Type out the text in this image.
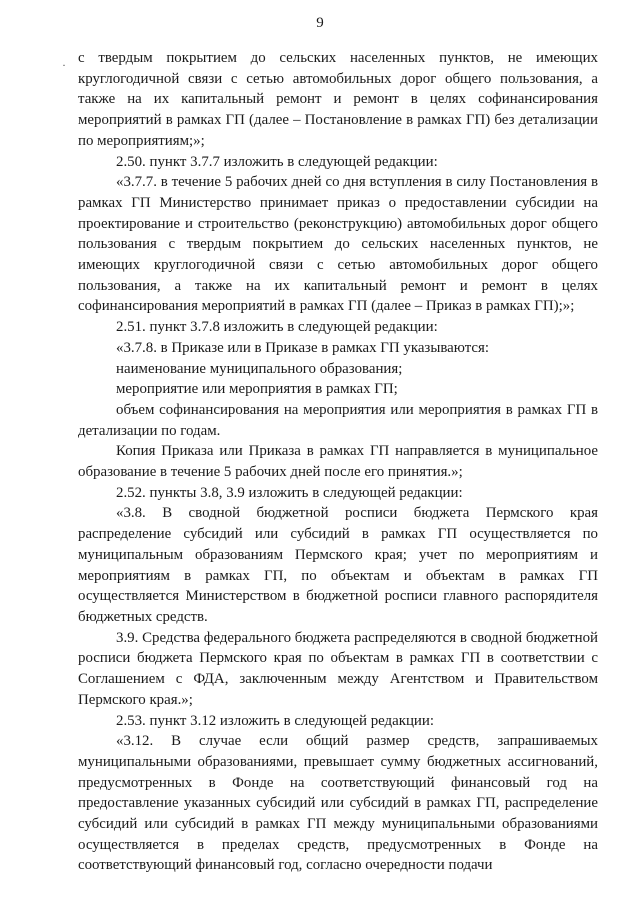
9
· с твердым покрытием до сельских населенных пунктов, не имеющих круглогодичной связи с сетью автомобильных дорог общего пользования, а также на их капитальный ремонт и ремонт в целях софинансирования мероприятий в рамках ГП (далее – Постановление в рамках ГП) без детализации по мероприятиям;»;

2.50. пункт 3.7.7 изложить в следующей редакции:

«3.7.7. в течение 5 рабочих дней со дня вступления в силу Постановления в рамках ГП Министерство принимает приказ о предоставлении субсидии на проектирование и строительство (реконструкцию) автомобильных дорог общего пользования с твердым покрытием до сельских населенных пунктов, не имеющих круглогодичной связи с сетью автомобильных дорог общего пользования, а также на их капитальный ремонт и ремонт в целях софинансирования мероприятий в рамках ГП (далее – Приказ в рамках ГП);»;

2.51. пункт 3.7.8 изложить в следующей редакции:

«3.7.8. в Приказе или в Приказе в рамках ГП указываются:

наименование муниципального образования;

мероприятие или мероприятия в рамках ГП;

объем софинансирования на мероприятия или мероприятия в рамках ГП в детализации по годам.

Копия Приказа или Приказа в рамках ГП направляется в муниципальное образование в течение 5 рабочих дней после его принятия.»;

2.52. пункты 3.8, 3.9 изложить в следующей редакции:

«3.8. В сводной бюджетной росписи бюджета Пермского края распределение субсидий или субсидий в рамках ГП осуществляется по муниципальным образованиям Пермского края; учет по мероприятиям и мероприятиям в рамках ГП, по объектам и объектам в рамках ГП осуществляется Министерством в бюджетной росписи главного распорядителя бюджетных средств.

3.9. Средства федерального бюджета распределяются в сводной бюджетной росписи бюджета Пермского края по объектам в рамках ГП в соответствии с Соглашением с ФДА, заключенным между Агентством и Правительством Пермского края.»;

2.53. пункт 3.12 изложить в следующей редакции:

«3.12. В случае если общий размер средств, запрашиваемых муниципальными образованиями, превышает сумму бюджетных ассигнований, предусмотренных в Фонде на соответствующий финансовый год на предоставление указанных субсидий или субсидий в рамках ГП, распределение субсидий или субсидий в рамках ГП между муниципальными образованиями осуществляется в пределах средств, предусмотренных в Фонде на соответствующий финансовый год, согласно очередности подачи
